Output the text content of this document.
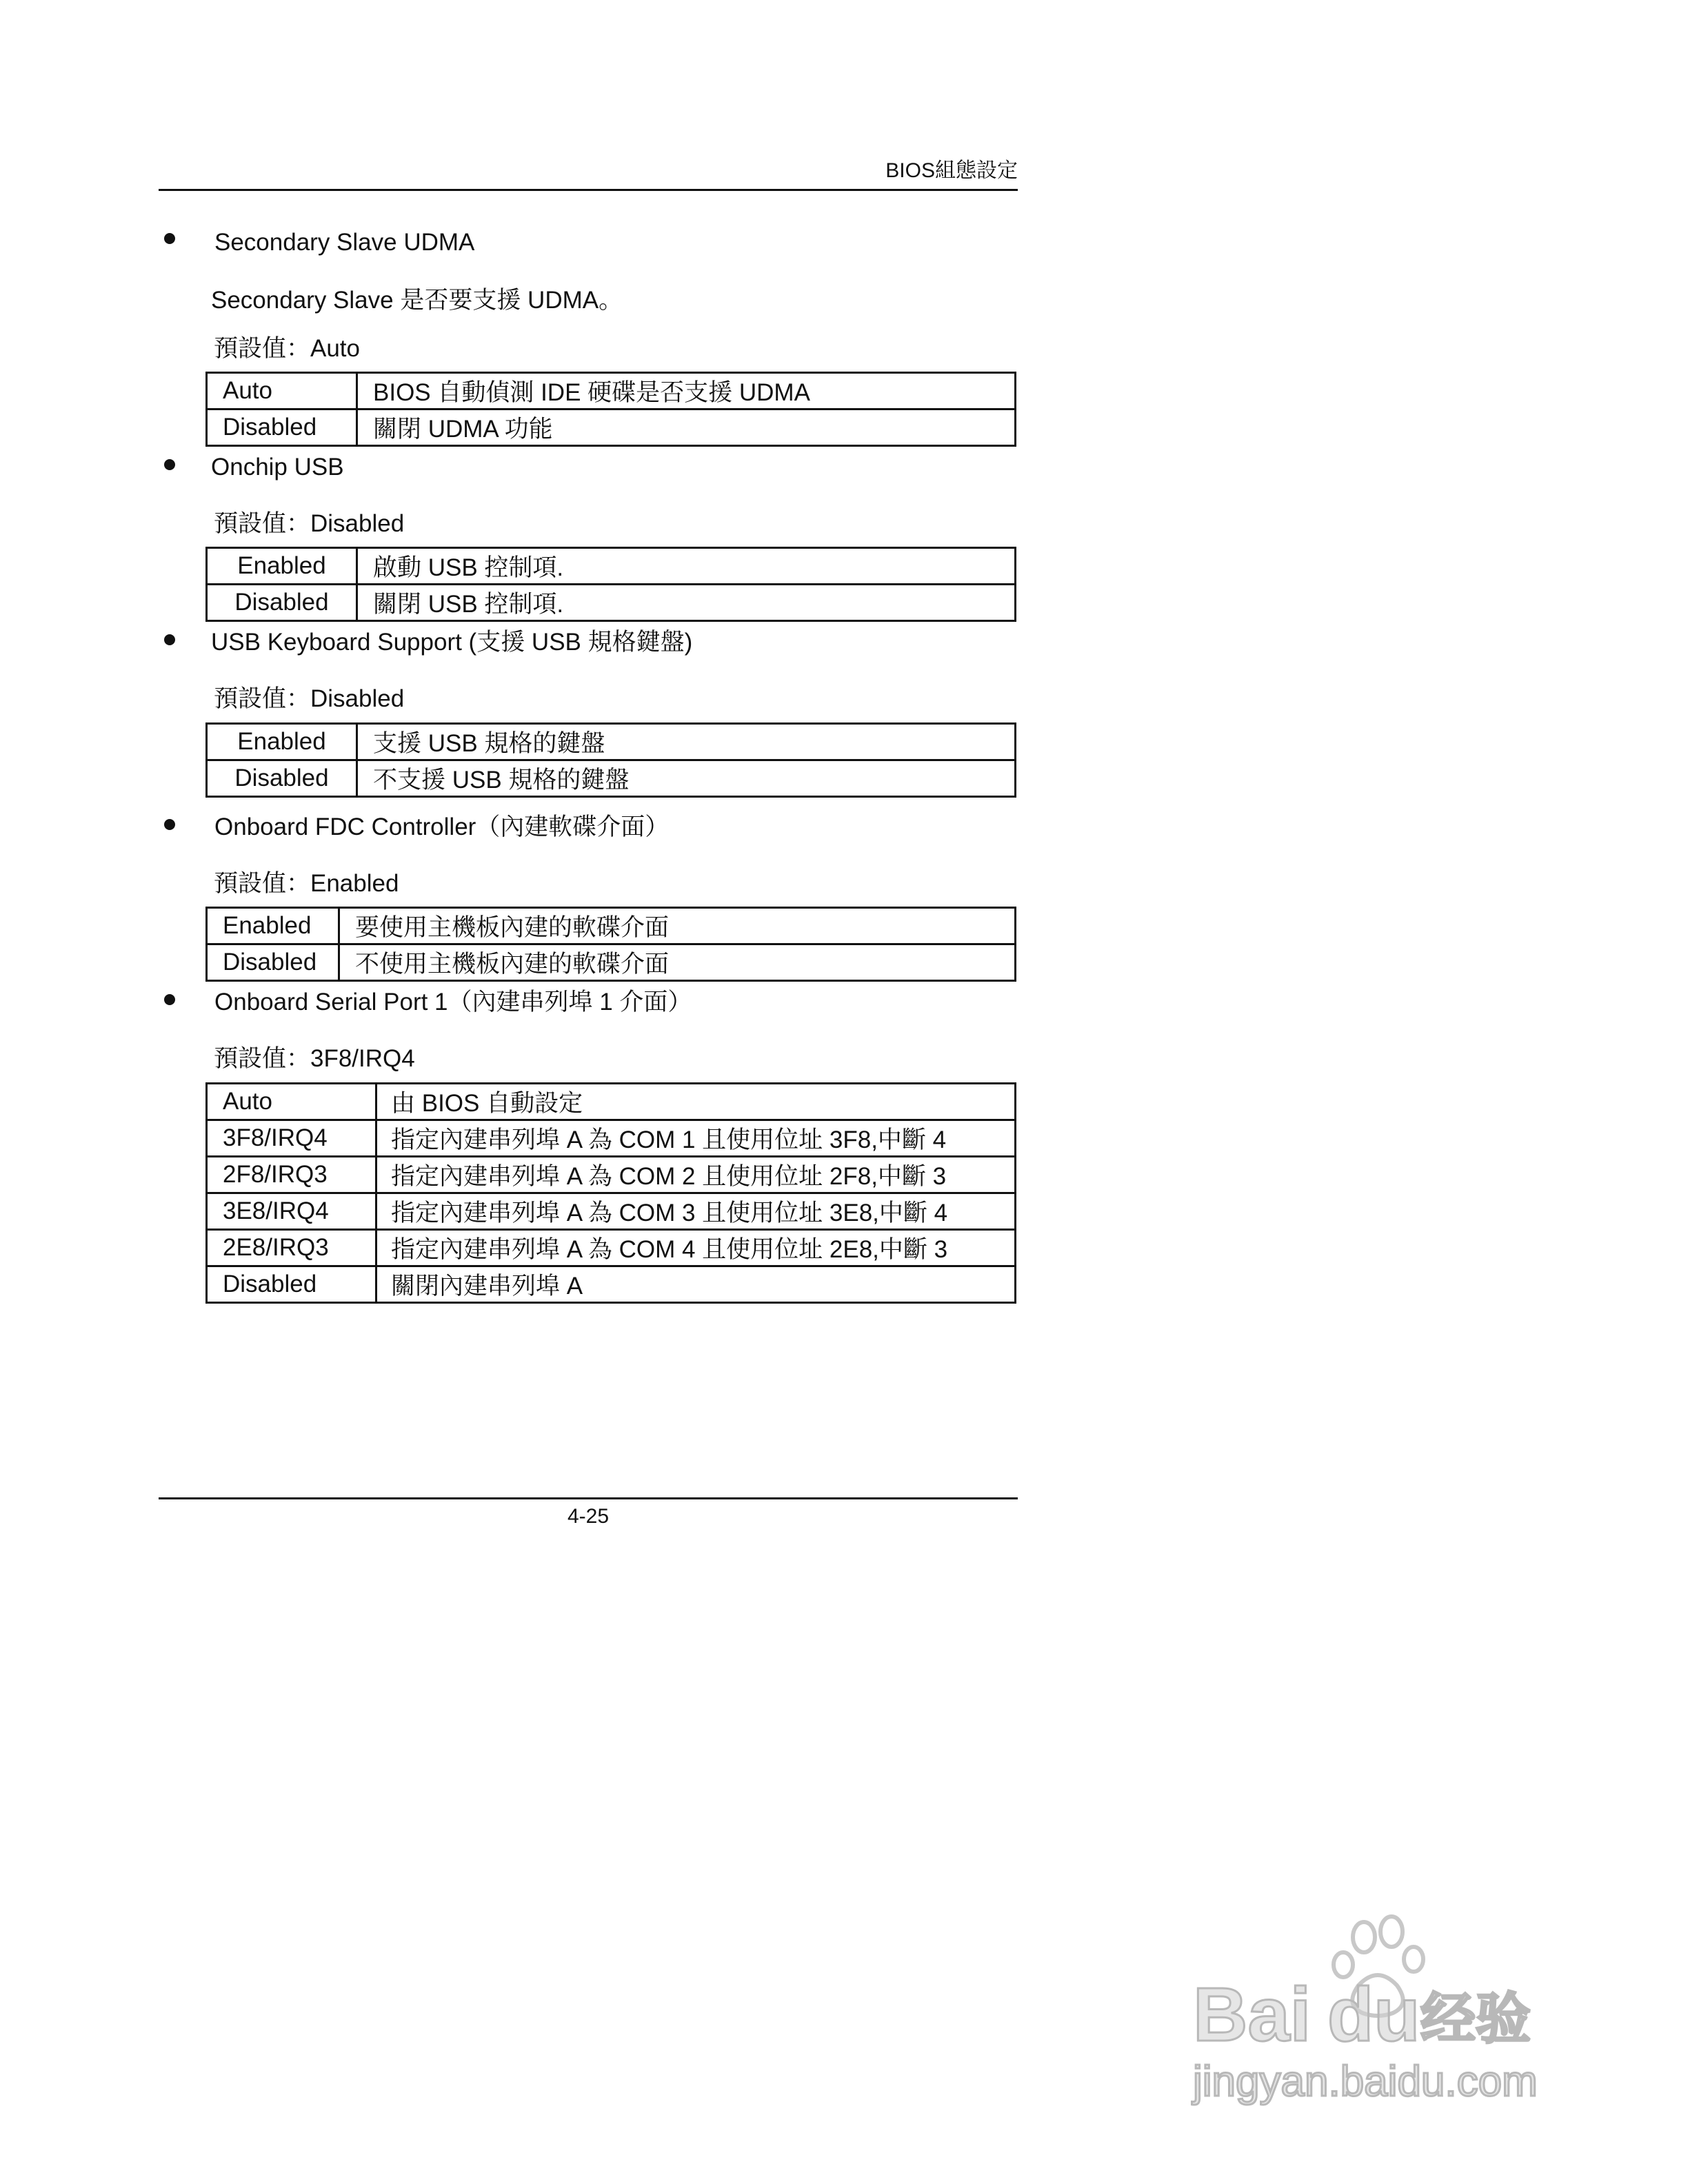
BIOS組態設定
Secondary Slave UDMA
Secondary Slave 是否要支援 UDMA。
預設值：Auto
Auto	BIOS 自動偵測 IDE 硬碟是否支援 UDMA
Disabled	關閉 UDMA 功能
Onchip USB
預設值：Disabled
Enabled	啟動 USB 控制項.
Disabled	關閉 USB 控制項.
USB Keyboard Support (支援 USB 規格鍵盤)
預設值：Disabled
Enabled	支援 USB 規格的鍵盤
Disabled	不支援 USB 規格的鍵盤
Onboard FDC Controller（內建軟碟介面）
預設值：Enabled
Enabled	要使用主機板內建的軟碟介面
Disabled	不使用主機板內建的軟碟介面
Onboard Serial Port 1（內建串列埠 1 介面）
預設值：3F8/IRQ4
Auto	由 BIOS 自動設定
3F8/IRQ4	指定內建串列埠 A 為 COM 1 且使用位址 3F8,中斷 4
2F8/IRQ3	指定內建串列埠 A 為 COM 2 且使用位址 2F8,中斷 3
3E8/IRQ4	指定內建串列埠 A 為 COM 3 且使用位址 3E8,中斷 4
2E8/IRQ3	指定內建串列埠 A 為 COM 4 且使用位址 2E8,中斷 3
Disabled	關閉內建串列埠 A
4-25
Bai du 经验
jingyan.baidu.com
